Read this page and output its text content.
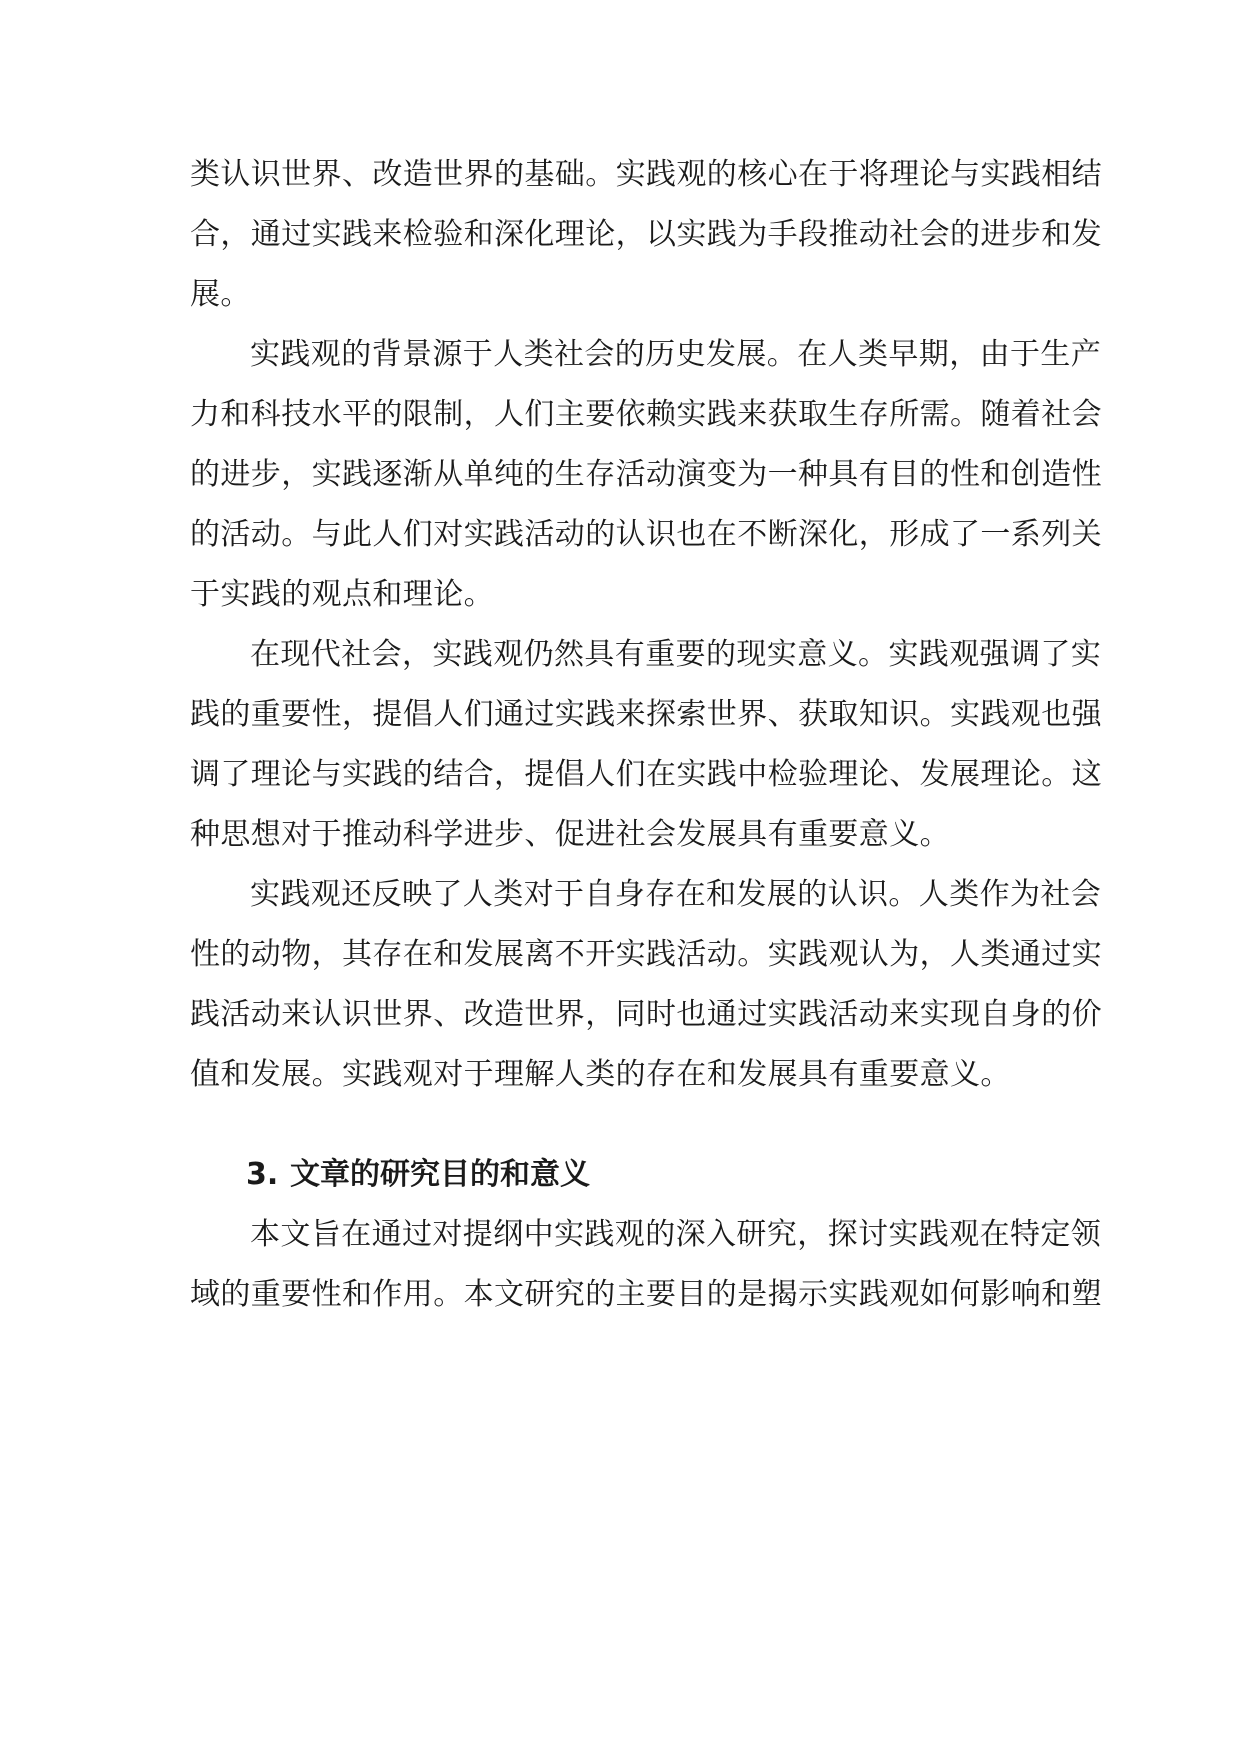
类认识世界、改造世界的基础。实践观的核心在于将理论与实践相结
合，通过实践来检验和深化理论，以实践为手段推动社会的进步和发
展。
实践观的背景源于人类社会的历史发展。在人类早期，由于生产
力和科技水平的限制，人们主要依赖实践来获取生存所需。随着社会
的进步，实践逐渐从单纯的生存活动演变为一种具有目的性和创造性
的活动。与此人们对实践活动的认识也在不断深化，形成了一系列关
于实践的观点和理论。
在现代社会，实践观仍然具有重要的现实意义。实践观强调了实
践的重要性，提倡人们通过实践来探索世界、获取知识。实践观也强
调了理论与实践的结合，提倡人们在实践中检验理论、发展理论。这
种思想对于推动科学进步、促进社会发展具有重要意义。
实践观还反映了人类对于自身存在和发展的认识。人类作为社会
性的动物，其存在和发展离不开实践活动。实践观认为，人类通过实
践活动来认识世界、改造世界，同时也通过实践活动来实现自身的价
值和发展。实践观对于理解人类的存在和发展具有重要意义。
3. 文章的研究目的和意义
本文旨在通过对提纲中实践观的深入研究，探讨实践观在特定领
域的重要性和作用。本文研究的主要目的是揭示实践观如何影响和塑
